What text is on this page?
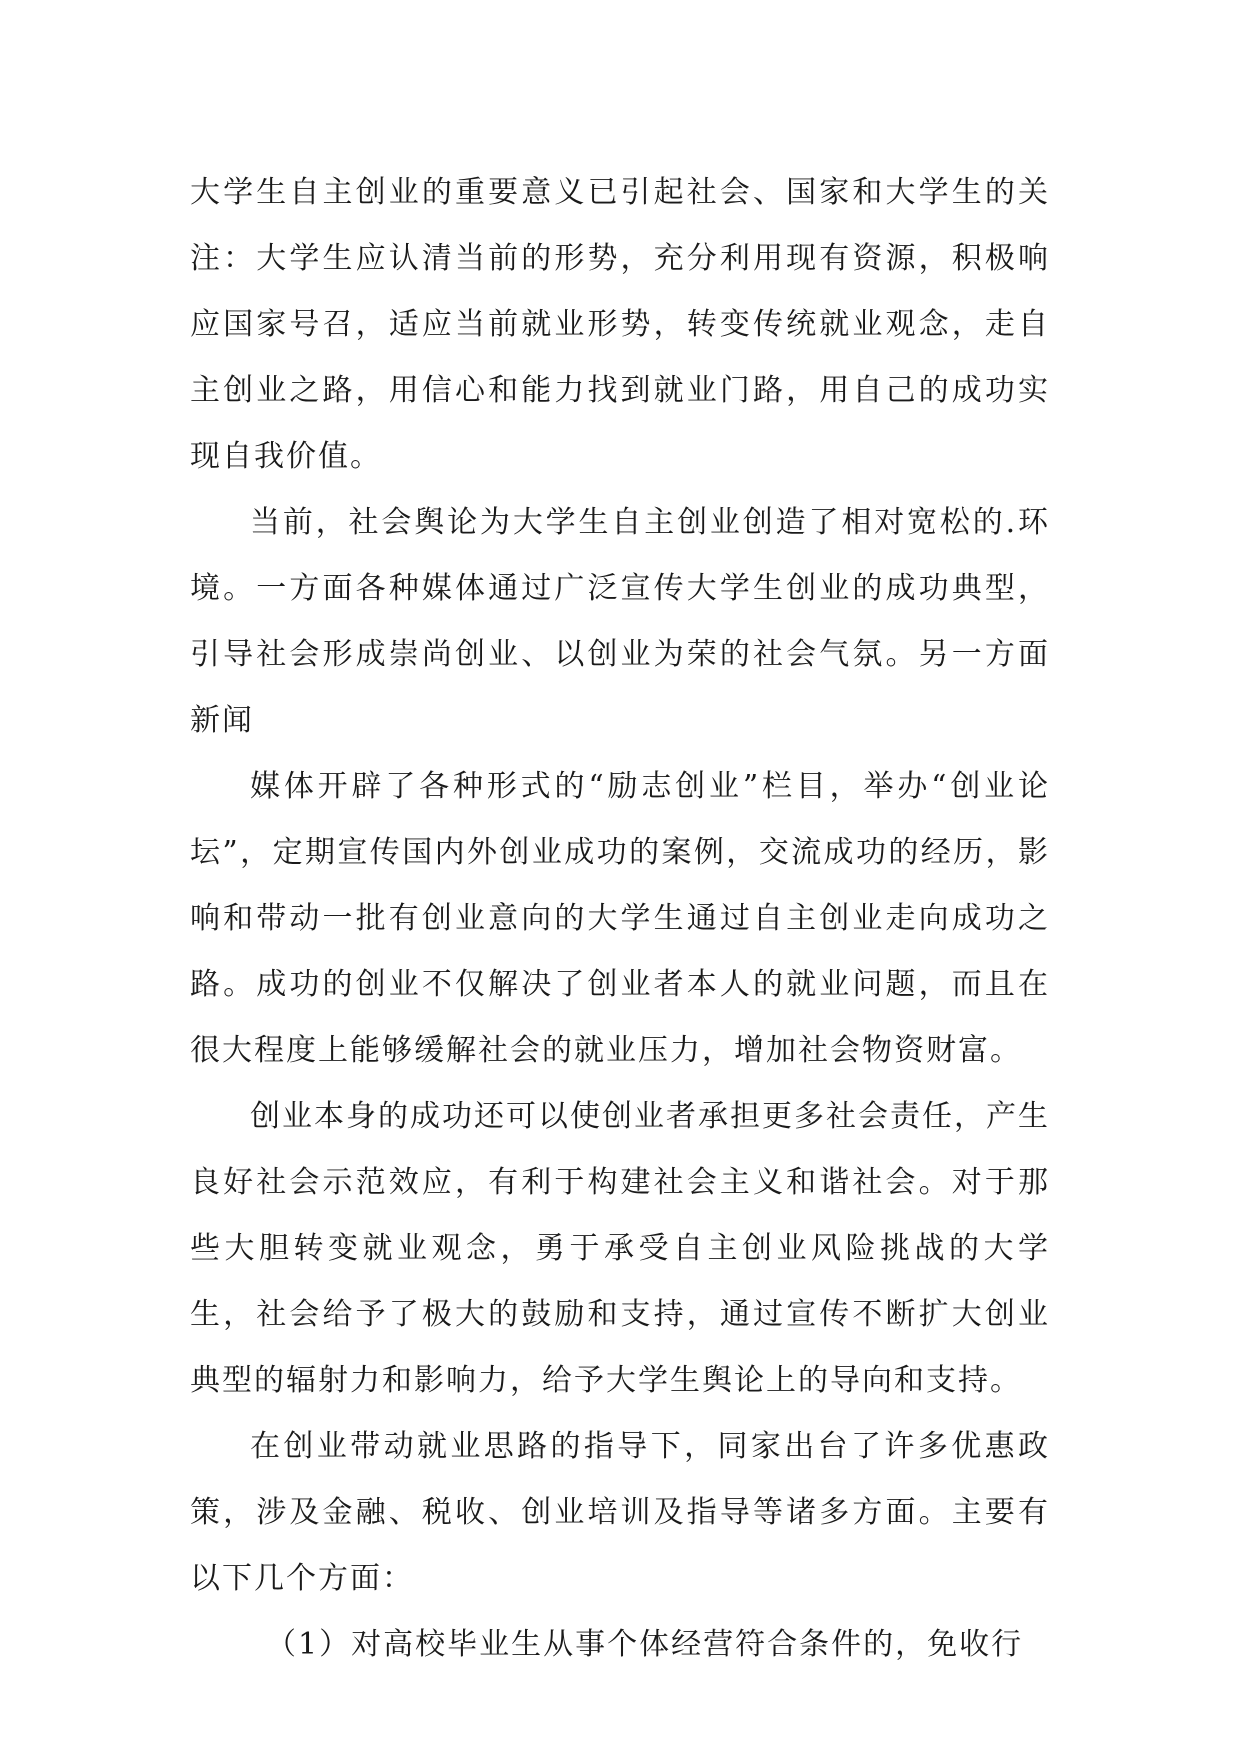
大学生自主创业的重要意义已引起社会、国家和大学生的关注：大学生应认清当前的形势，充分利用现有资源，积极响应国家号召，适应当前就业形势，转变传统就业观念，走自主创业之路，用信心和能力找到就业门路，用自己的成功实现自我价值。

当前，社会舆论为大学生自主创业创造了相对宽松的.环境。一方面各种媒体通过广泛宣传大学生创业的成功典型，引导社会形成崇尚创业、以创业为荣的社会气氛。另一方面新闻

媒体开辟了各种形式的“励志创业”栏目，举办“创业论坛”，定期宣传国内外创业成功的案例，交流成功的经历，影响和带动一批有创业意向的大学生通过自主创业走向成功之路。成功的创业不仅解决了创业者本人的就业问题，而且在很大程度上能够缓解社会的就业压力，增加社会物资财富。

创业本身的成功还可以使创业者承担更多社会责任，产生良好社会示范效应，有利于构建社会主义和谐社会。对于那些大胆转变就业观念，勇于承受自主创业风险挑战的大学生，社会给予了极大的鼓励和支持，通过宣传不断扩大创业典型的辐射力和影响力，给予大学生舆论上的导向和支持。

在创业带动就业思路的指导下，同家出台了许多优惠政策，涉及金融、税收、创业培训及指导等诸多方面。主要有以下几个方面：

（1）对高校毕业生从事个体经营符合条件的，免收行
